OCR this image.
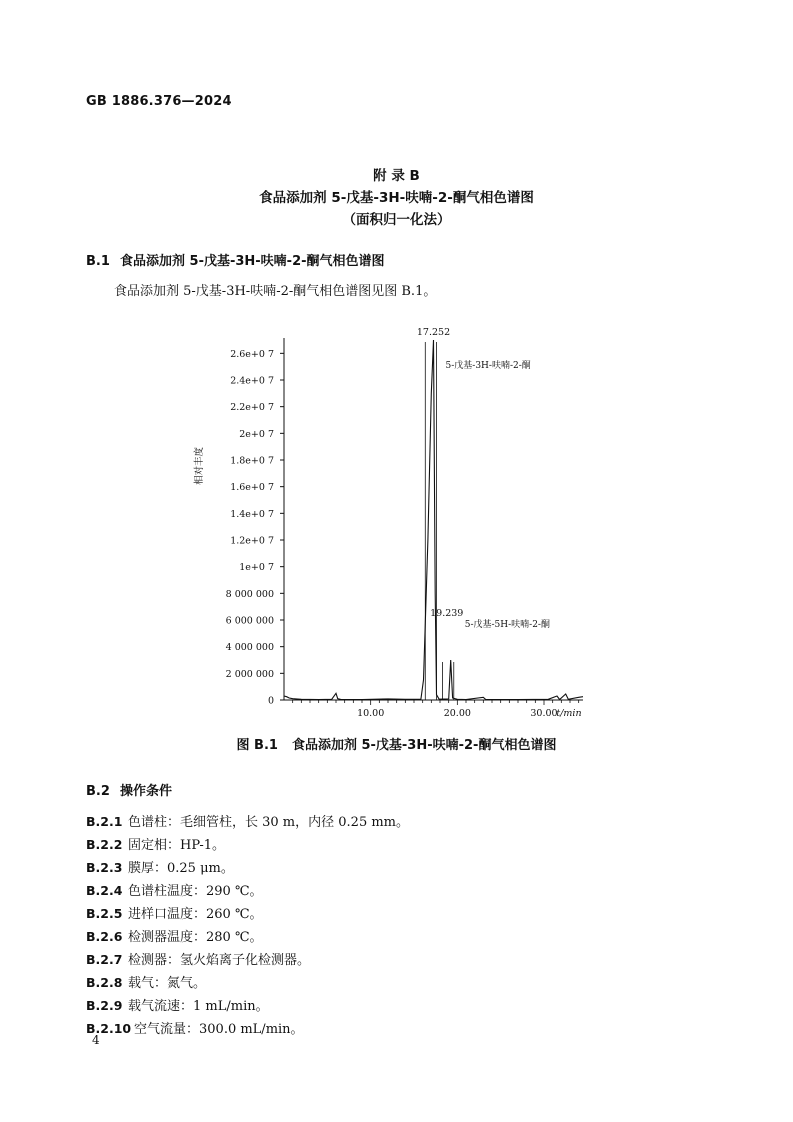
GB 1886.376—2024
附 录 B
食品添加剂 5-戊基-3H-呋喃-2-酮气相色谱图
（面积归一化法）
B.1 食品添加剂 5-戊基-3H-呋喃-2-酮气相色谱图
食品添加剂 5-戊基-3H-呋喃-2-酮气相色谱图见图 B.1。
0
2 000 000
4 000 000
6 000 000
8 000 000
1e+0 7
1.2e+0 7
1.4e+0 7
1.6e+0 7
1.8e+0 7
2e+0 7
2.2e+0 7
2.4e+0 7
2.6e+0 7
10.00	20.00	30.00
t/min
相对丰度
17.252
5-戊基-3H-呋喃-2-酮
19.239
5-戊基-5H-呋喃-2-酮
图 B.1 食品添加剂 5-戊基-3H-呋喃-2-酮气相色谱图
B.2 操作条件
B.2.1 色谱柱：毛细管柱，长 30 m，内径 0.25 mm。
B.2.2 固定相：HP-1。
B.2.3 膜厚：0.25 μm。
B.2.4 色谱柱温度：290 ℃。
B.2.5 进样口温度：260 ℃。
B.2.6 检测器温度：280 ℃。
B.2.7 检测器：氢火焰离子化检测器。
B.2.8 载气：氮气。
B.2.9 载气流速：1 mL/min。
B.2.10 空气流量：300.0 mL/min。
4
